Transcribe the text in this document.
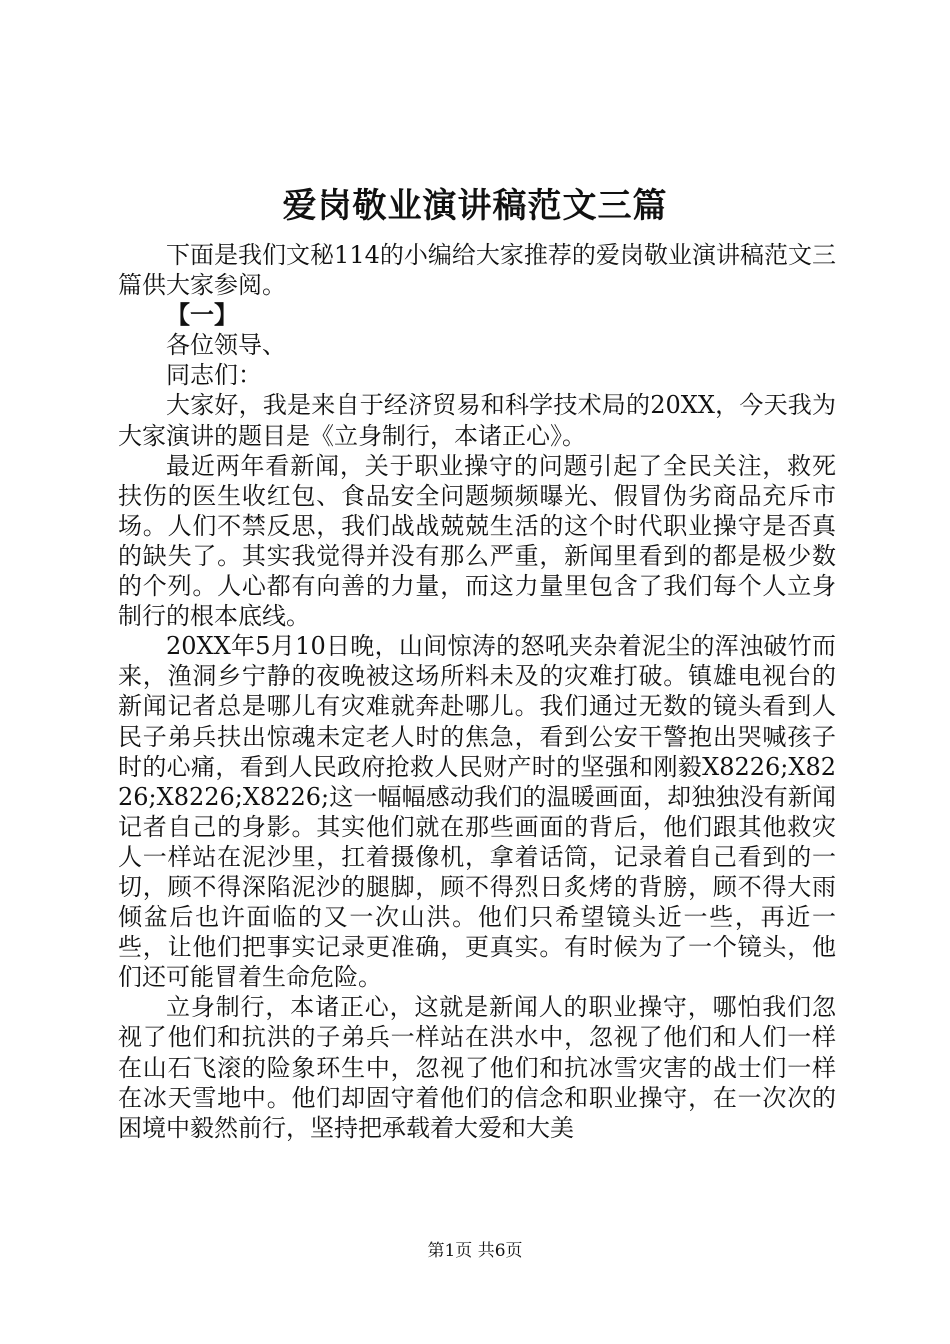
爱岗敬业演讲稿范文三篇

下面是我们文秘114的小编给大家推荐的爱岗敬业演讲稿范文三篇供大家参阅。

【一】

各位领导、

同志们：

大家好，我是来自于经济贸易和科学技术局的20XX，今天我为大家演讲的题目是《立身制行，本诸正心》。

最近两年看新闻，关于职业操守的问题引起了全民关注，救死扶伤的医生收红包、食品安全问题频频曝光、假冒伪劣商品充斥市场。人们不禁反思，我们战战兢兢生活的这个时代职业操守是否真的缺失了。其实我觉得并没有那么严重，新闻里看到的都是极少数的个列。人心都有向善的力量，而这力量里包含了我们每个人立身制行的根本底线。

20XX年5月10日晚，山间惊涛的怒吼夹杂着泥尘的浑浊破竹而来，渔洞乡宁静的夜晚被这场所料未及的灾难打破。镇雄电视台的新闻记者总是哪儿有灾难就奔赴哪儿。我们通过无数的镜头看到人民子弟兵扶出惊魂未定老人时的焦急，看到公安干警抱出哭喊孩子时的心痛，看到人民政府抢救人民财产时的坚强和刚毅X8226;X8226;X8226;X8226;这一幅幅感动我们的温暖画面，却独独没有新闻记者自己的身影。其实他们就在那些画面的背后，他们跟其他救灾人一样站在泥沙里，扛着摄像机，拿着话筒，记录着自己看到的一切，顾不得深陷泥沙的腿脚，顾不得烈日炙烤的背膀，顾不得大雨倾盆后也许面临的又一次山洪。他们只希望镜头近一些，再近一些，让他们把事实记录更准确，更真实。有时候为了一个镜头，他们还可能冒着生命危险。

立身制行，本诸正心，这就是新闻人的职业操守，哪怕我们忽视了他们和抗洪的子弟兵一样站在洪水中，忽视了他们和人们一样在山石飞滚的险象环生中，忽视了他们和抗冰雪灾害的战士们一样在冰天雪地中。他们却固守着他们的信念和职业操守，在一次次的困境中毅然前行，坚持把承载着大爱和大美

第1页 共6页
